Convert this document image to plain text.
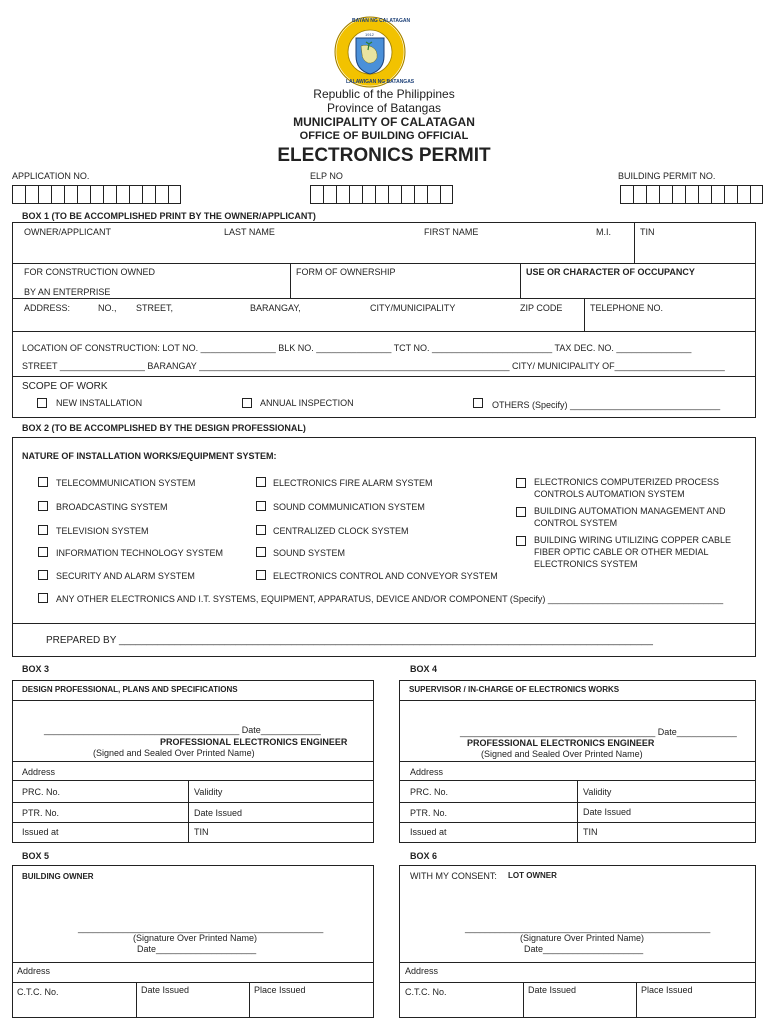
BAYAN NG CALATAGAN
1912
LALAWIGAN NG BATANGAS
Republic of the Philippines
Province of Batangas
MUNICIPALITY OF CALATAGAN
OFFICE OF BUILDING OFFICIAL
ELECTRONICS PERMIT
APPLICATION NO.	ELP NO	BUILDING PERMIT NO.
BOX 1 (TO BE ACCOMPLISHED PRINT BY THE OWNER/APPLICANT)
OWNER/APPLICANT	LAST NAME	FIRST NAME	M.I.	TIN
FOR CONSTRUCTION OWNED
BY AN ENTERPRISE
FORM OF OWNERSHIP	USE OR CHARACTER OF OCCUPANCY
ADDRESS:	NO., STREET,	BARANGAY,	CITY/MUNICIPALITY	ZIP CODE	TELEPHONE NO.
LOCATION OF CONSTRUCTION: LOT NO. _______________ BLK NO. _______________ TCT NO. ________________________ TAX DEC. NO. _______________
STREET _________________ BARANGAY ______________________________________________________________ CITY/ MUNICIPALITY OF______________________
SCOPE OF WORK
NEW INSTALLATION	ANNUAL INSPECTION	OTHERS (Specify) ______________________________
BOX 2 (TO BE ACCOMPLISHED BY THE DESIGN PROFESSIONAL)
NATURE OF INSTALLATION WORKS/EQUIPMENT SYSTEM:
TELECOMMUNICATION SYSTEM
BROADCASTING SYSTEM
TELEVISION SYSTEM
INFORMATION TECHNOLOGY SYSTEM
SECURITY AND ALARM SYSTEM
ELECTRONICS FIRE ALARM SYSTEM
SOUND COMMUNICATION SYSTEM
CENTRALIZED CLOCK SYSTEM
SOUND SYSTEM
ELECTRONICS CONTROL AND CONVEYOR SYSTEM
ELECTRONICS COMPUTERIZED PROCESS
CONTROLS AUTOMATION SYSTEM
BUILDING AUTOMATION MANAGEMENT AND
CONTROL SYSTEM
BUILDING WIRING UTILIZING COPPER CABLE
FIBER OPTIC CABLE OR OTHER MEDIAL
ELECTRONICS SYSTEM
ANY OTHER ELECTRONICS AND I.T. SYSTEMS, EQUIPMENT, APPARATUS, DEVICE AND/OR COMPONENT (Specify) ___________________________________
PREPARED BY ________________________________________________________________________________________________
BOX 3
DESIGN PROFESSIONAL, PLANS AND SPECIFICATIONS
_______________________________________ Date____________
PROFESSIONAL ELECTRONICS ENGINEER
(Signed and Sealed Over Printed Name)
Address
PRC. No.	Validity
PTR. No.	Date Issued
Issued at	TIN
BOX 4
SUPERVISOR / IN-CHARGE OF ELECTRONICS WORKS
_______________________________________ Date____________
PROFESSIONAL ELECTRONICS ENGINEER
(Signed and Sealed Over Printed Name)
Address
PRC. No.	Validity
PTR. No.	Date Issued
Issued at	TIN
BOX 5
BUILDING OWNER
_________________________________________________
(Signature Over Printed Name)
Date____________________
Address
C.T.C. No.	Date Issued	Place Issued
BOX 6
WITH MY CONSENT: LOT OWNER
_________________________________________________
(Signature Over Printed Name)
Date____________________
Address
C.T.C. No.	Date Issued	Place Issued
